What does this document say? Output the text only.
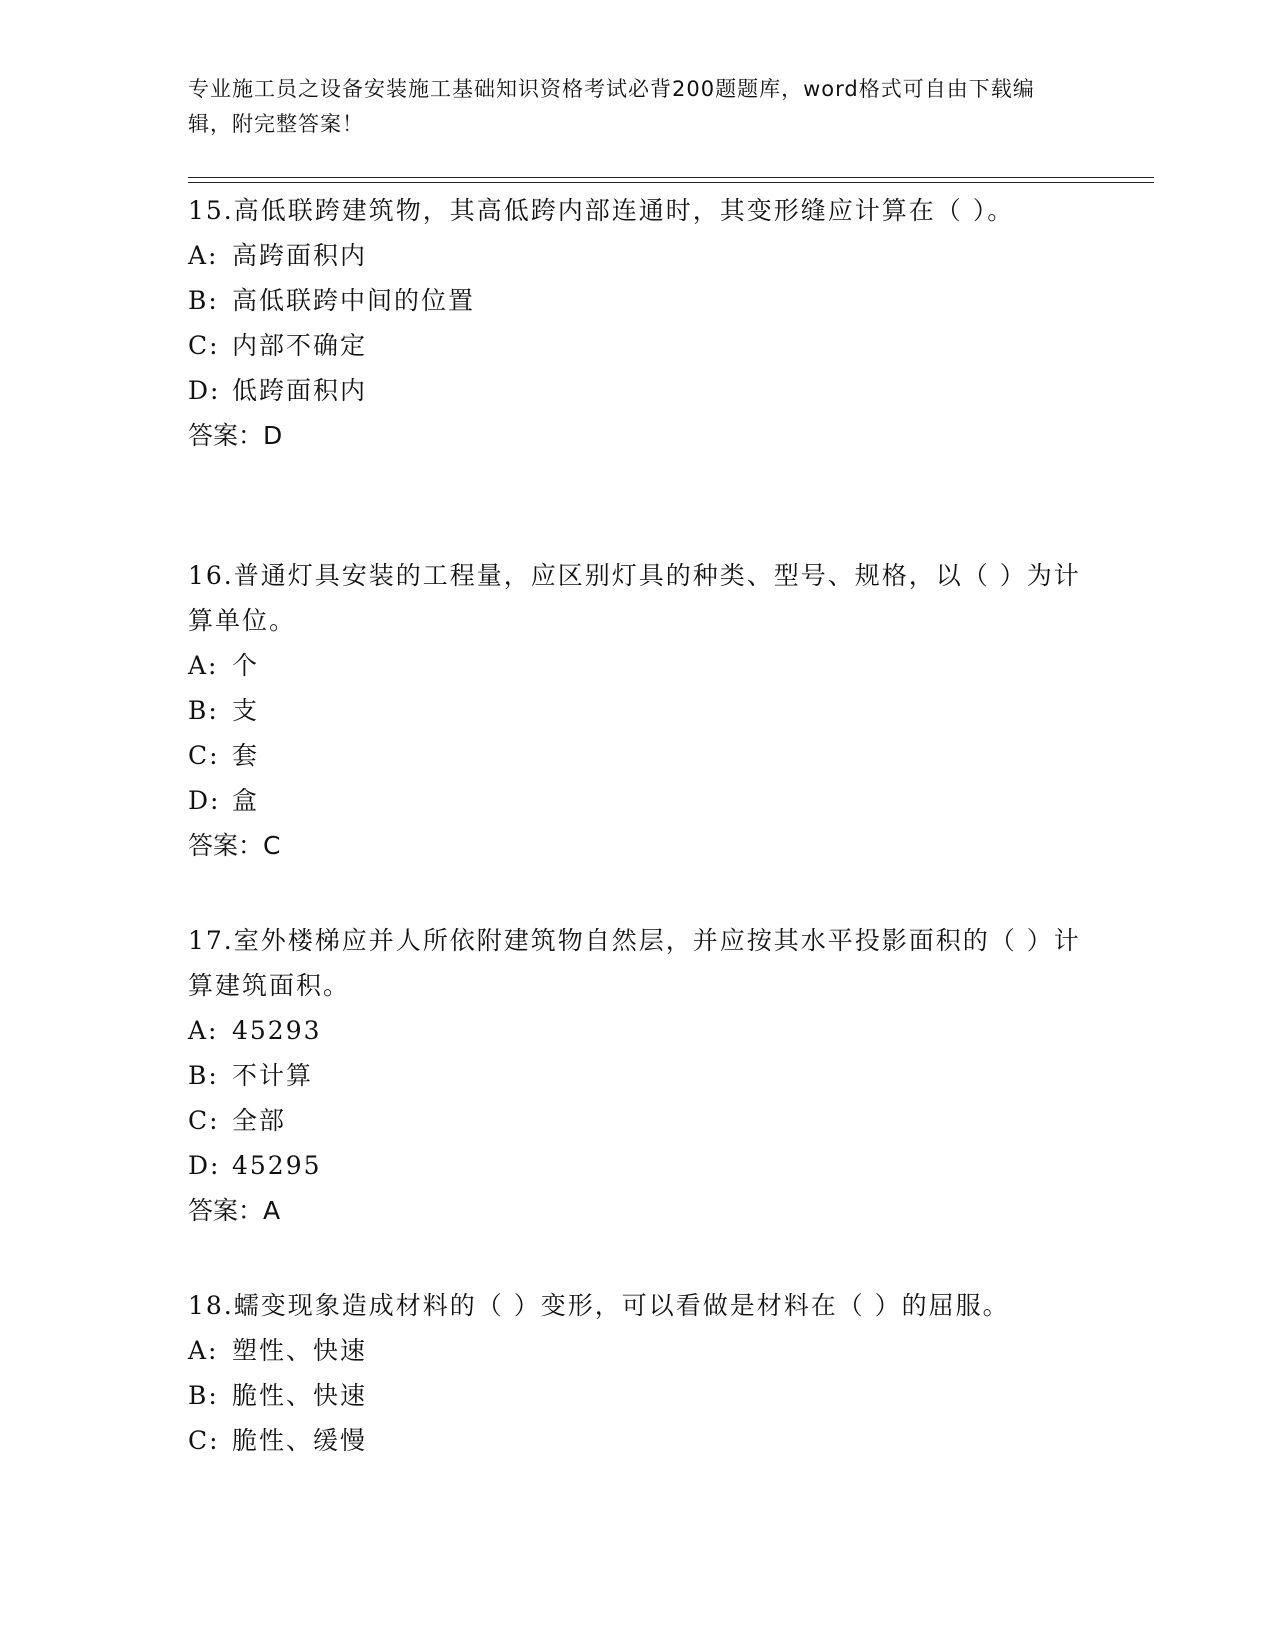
专业施工员之设备安装施工基础知识资格考试必背200题题库，word格式可自由下载编辑，附完整答案！

15.高低联跨建筑物，其高低跨内部连通时，其变形缝应计算在（ ）。

A: 高跨面积内

B: 高低联跨中间的位置

C: 内部不确定

D: 低跨面积内

答案：D

16.普通灯具安装的工程量，应区别灯具的种类、型号、规格，以（ ）为计算单位。

A: 个

B: 支

C: 套

D: 盒

答案：C

17.室外楼梯应并人所依附建筑物自然层，并应按其水平投影面积的（ ）计算建筑面积。

A: 45293

B: 不计算

C: 全部

D: 45295

答案：A

18.蠕变现象造成材料的（ ）变形，可以看做是材料在（ ）的屈服。

A: 塑性、快速

B: 脆性、快速

C: 脆性、缓慢
